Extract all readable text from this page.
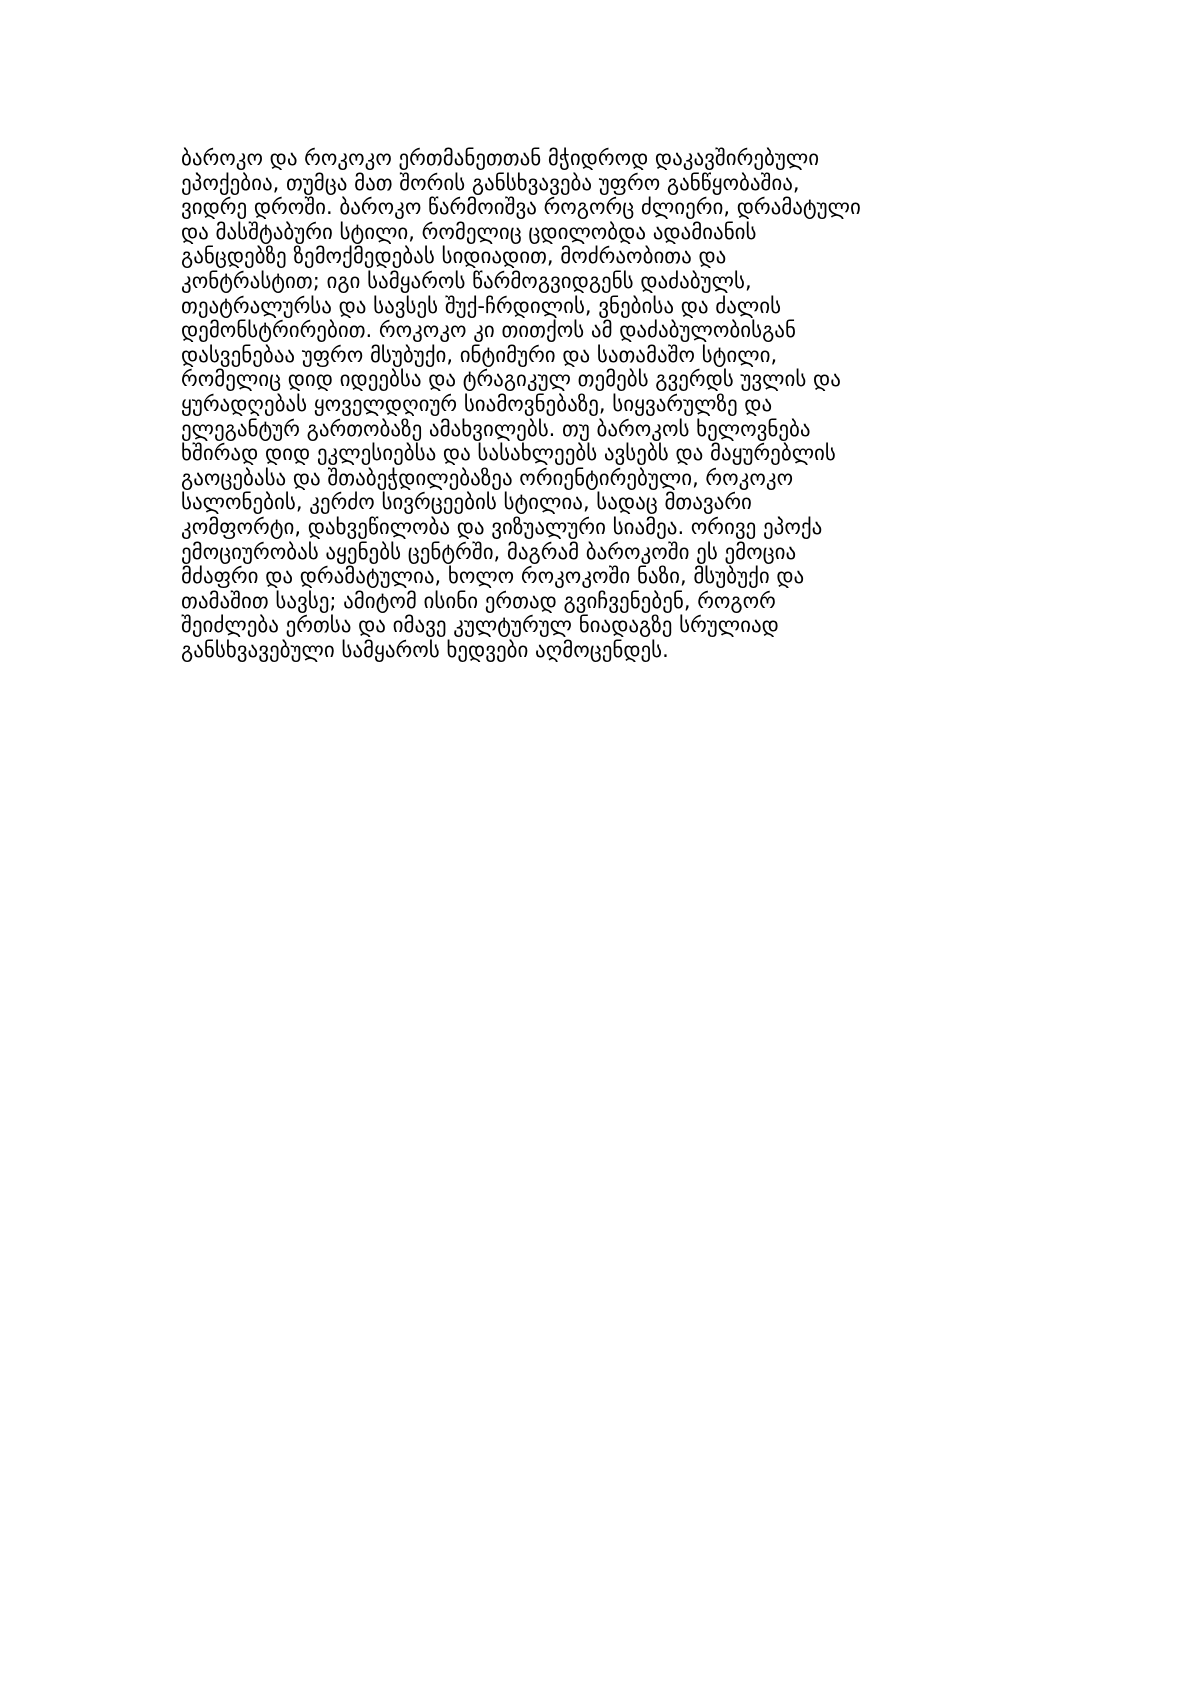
ბაროკო და როკოკო ერთმანეთთან მჭიდროდ დაკავშირებული
ეპოქებია, თუმცა მათ შორის განსხვავება უფრო განწყობაშია,
ვიდრე დროში. ბაროკო წარმოიშვა როგორც ძლიერი, დრამატული
და მასშტაბური სტილი, რომელიც ცდილობდა ადამიანის
განცდებზე ზემოქმედებას სიდიადით, მოძრაობითა და
კონტრასტით; იგი სამყაროს წარმოგვიდგენს დაძაბულს,
თეატრალურსა და სავსეს შუქ-ჩრდილის, ვნებისა და ძალის
დემონსტრირებით. როკოკო კი თითქოს ამ დაძაბულობისგან
დასვენებაა უფრო მსუბუქი, ინტიმური და სათამაშო სტილი,
რომელიც დიდ იდეებსა და ტრაგიკულ თემებს გვერდს უვლის და
ყურადღებას ყოველდღიურ სიამოვნებაზე, სიყვარულზე და
ელეგანტურ გართობაზე ამახვილებს. თუ ბაროკოს ხელოვნება
ხშირად დიდ ეკლესიებსა და სასახლეებს ავსებს და მაყურებლის
გაოცებასა და შთაბეჭდილებაზეა ორიენტირებული, როკოკო
სალონების, კერძო სივრცეების სტილია, სადაც მთავარი
კომფორტი, დახვეწილობა და ვიზუალური სიამეა. ორივე ეპოქა
ემოციურობას აყენებს ცენტრში, მაგრამ ბაროკოში ეს ემოცია
მძაფრი და დრამატულია, ხოლო როკოკოში ნაზი, მსუბუქი და
თამაშით სავსე; ამიტომ ისინი ერთად გვიჩვენებენ, როგორ
შეიძლება ერთსა და იმავე კულტურულ ნიადაგზე სრულიად
განსხვავებული სამყაროს ხედვები აღმოცენდეს.
